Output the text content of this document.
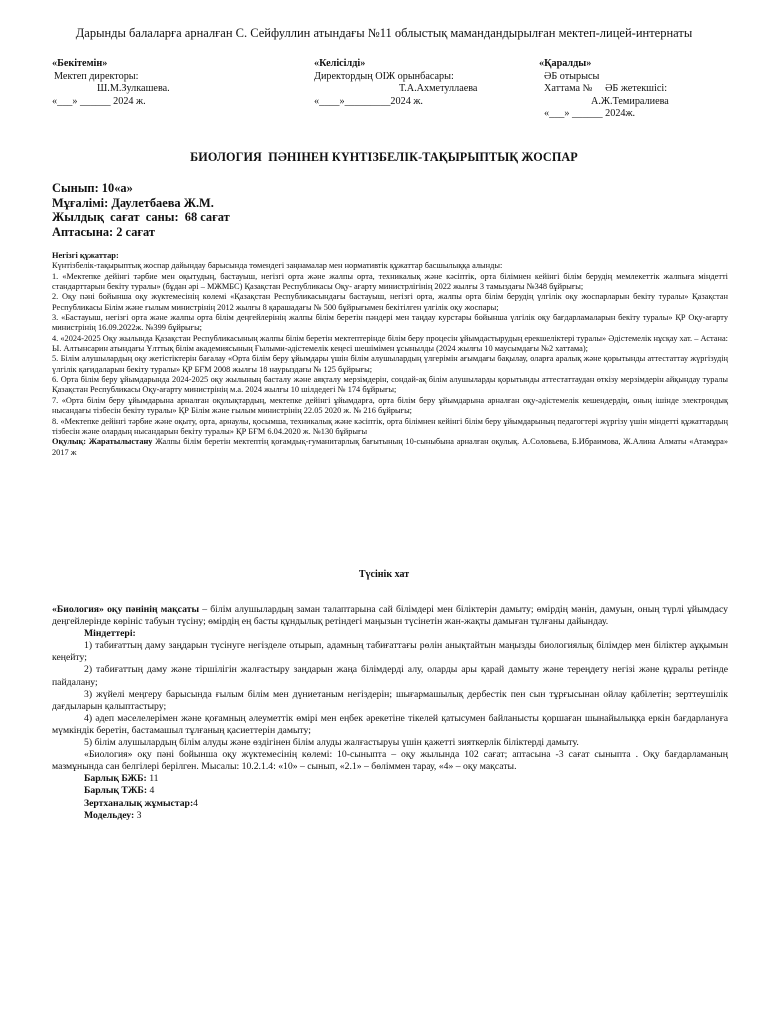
Дарынды балаларға арналған С. Сейфуллин атындағы №11 облыстық мамандандырылған мектеп-лицей-интернаты
«Бекітемін»
Мектеп директоры:
Ш.М.Зулкашева.
«___» ______ 2024 ж.
«Келісілді»
Директордың ОІЖ орынбасары:
Т.А.Ахметуллаева
«____»_________2024 ж.
«Қаралды»
ӘБ отырысы
Хаттама №     ӘБ жетекшісі:
А.Ж.Темиралиева
«___» ______ 2024ж.
БИОЛОГИЯ  ПӘНІНЕН КҮНТІЗБЕЛІК-ТАҚЫРЫПТЫҚ ЖОСПАР
Сынып: 10«а»
Мұғалімі: Даулетбаева Ж.М.
Жылдық  сағат  саны:  68 сағат
Аптасына: 2 сағат

Негізгі құжаттар:

Күнтізбелік-тақырыптық жоспар дайындау барысында төмендегі заңнамалар мен нормативтік құжаттар басшылыққа алынды:

1. «Мектепке дейінгі тәрбие мен оқытудың, бастауыш, негізгі орта және жалпы орта, техникалық және кәсіптік, орта білімнен кейінгі білім берудің мемлекеттік жалпыға міндетті стандарттарын бекіту туралы» (бұдан әрі – МЖМБС) Қазақстан Республикасы Оқу- ағарту министрлігінің 2022 жылғы 3 тамыздағы №348 бұйрығы;

2. Оқу пәні бойынша оқу жүктемесінің көлемі «Қазақстан Республикасындағы бастауыш, негізгі орта, жалпы орта білім берудің үлгілік оқу жоспарларын бекіту туралы» Қазақстан Республикасы Білім және ғылым министрінің 2012 жылғы 8 қарашадағы № 500 бұйрығымен бекітілген үлгілік оқу жоспары;

3. «Бастауыш, негізгі орта және жалпы орта білім деңгейлерінің жалпы білім беретін пәндері мен таңдау курстары бойынша үлгілік оқу бағдарламаларын бекіту туралы» ҚР Оқу-ағарту министрінің 16.09.2022ж. №399 бұйрығы;

4. «2024-2025 Оқу жылында Қазақстан Республикасының жалпы білім беретін мектептерінде білім беру процесін ұйымдастырудың ерекшеліктері туралы» Әдістемелік нұсқау хат. – Астана: Ы. Алтынсарин атындағы Ұлттық білім академиясының Ғылыми-әдістемелік кеңесі шешімімен ұсынылды (2024 жылғы 10 маусымдағы №2 хаттама);

5. Білім алушылардың оқу жетістіктерін бағалау «Орта білім беру ұйымдары үшін білім алушылардың үлгерімін ағымдағы бақылау, оларға аралық және қорытынды аттестаттау жүргізудің үлгілік қағидаларын бекіту туралы» ҚР БҒМ 2008 жылғы 18 наурыздағы № 125 бұйрығы;

6. Орта білім беру ұйымдарында 2024-2025 оқу жылының басталу және аяқталу мерзімдерін, сондай-ақ білім алушыларды қорытынды аттестаттаудан өткізу мерзімдерін айқындау туралы Қазақстан Республикасы Оқу-ағарту министрінің м.а. 2024 жылғы 10 шілдедегі № 174 бұйрығы;

7. «Орта білім беру ұйымдарына арналған оқулықтардың, мектепке дейінгі ұйымдарға, орта білім беру ұйымдарына арналған оқу-әдістемелік кешендердің, оның ішінде электрондық нысандағы тізбесін бекіту туралы» ҚР Білім және ғылым министрінің 22.05 2020 ж. № 216 бұйрығы;

8. «Мектепке дейінгі тәрбие және оқыту, орта, арнаулы, қосымша, техникалық және кәсіптік, орта білімнен кейінгі білім беру ұйымдарының педагогтері жүргізу үшін міндетті құжаттардың тізбесін және олардың нысандарын бекіту туралы» ҚР БҒМ 6.04.2020 ж. №130 бұйрығы

Оқулық: Жаратылыстану Жалпы білім беретін мектептің қоғамдық-гуманитарлық бағытының 10-сыныбына арналған оқулық. А.Соловьева, Б.Ибраимова, Ж.Алина Алматы «Атамұра» 2017 ж

Түсінік хат

«Биология» оқу пәнінің мақсаты – білім алушылардың заман талаптарына сай білімдері мен біліктерін дамыту; өмірдің мәнін, дамуын, оның түрлі ұйымдасу деңгейлерінде көрініс табуын түсіну; өмірдің ең басты құндылық ретіндегі маңызын түсінетін жан-жақты дамыған тұлғаны дайындау.

Міндеттері:

1) табиғаттың даму заңдарын түсінуге негізделе отырып, адамның табиғаттағы рөлін анықтайтын маңызды биологиялық білімдер мен біліктер аұқымын кеңейту;

2) табиғаттың даму және тіршілігін жалғастыру заңдарын жаңа білімдерді алу, оларды ары қарай дамыту және тереңдету негізі және құралы ретінде пайдалану;

3) жүйелі меңгеру барысында ғылым білім мен дүниетаным негіздерін; шығармашылық дербестік пен сын тұрғысынан ойлау қабілетін; зерттеушілік дағдыларын қалыптастыру;

4) әдеп мәселелерімен және қоғамның әлеуметтік өмірі мен еңбек әрекетіне тікелей қатысумен байланысты қоршаған шынайылыққа еркін бағдарлануға мүмкіндік беретін, бастамашыл тұлғаның қасиеттерін дамыту;

5) білім алушылардың білім алуды және өздігінен білім алуды жалғастыруы үшін қажетті зияткерлік біліктерді дамыту.

«Биология» оқу пәні бойынша оқу жүктемесінің көлемі: 10-сыныпта – оқу жылында 102 сағат; аптасына -3 сағат сыныпта . Оқу бағдарламаның мазмұнында сан белгілері берілген. Мысалы: 10.2.1.4: «10» – сынып, «2.1» – бөліммен тарау, «4» – оқу мақсаты.

Барлық БЖБ: 11

Барлық ТЖБ: 4

Зертханалық жұмыстар:4

Модельдеу: 3
